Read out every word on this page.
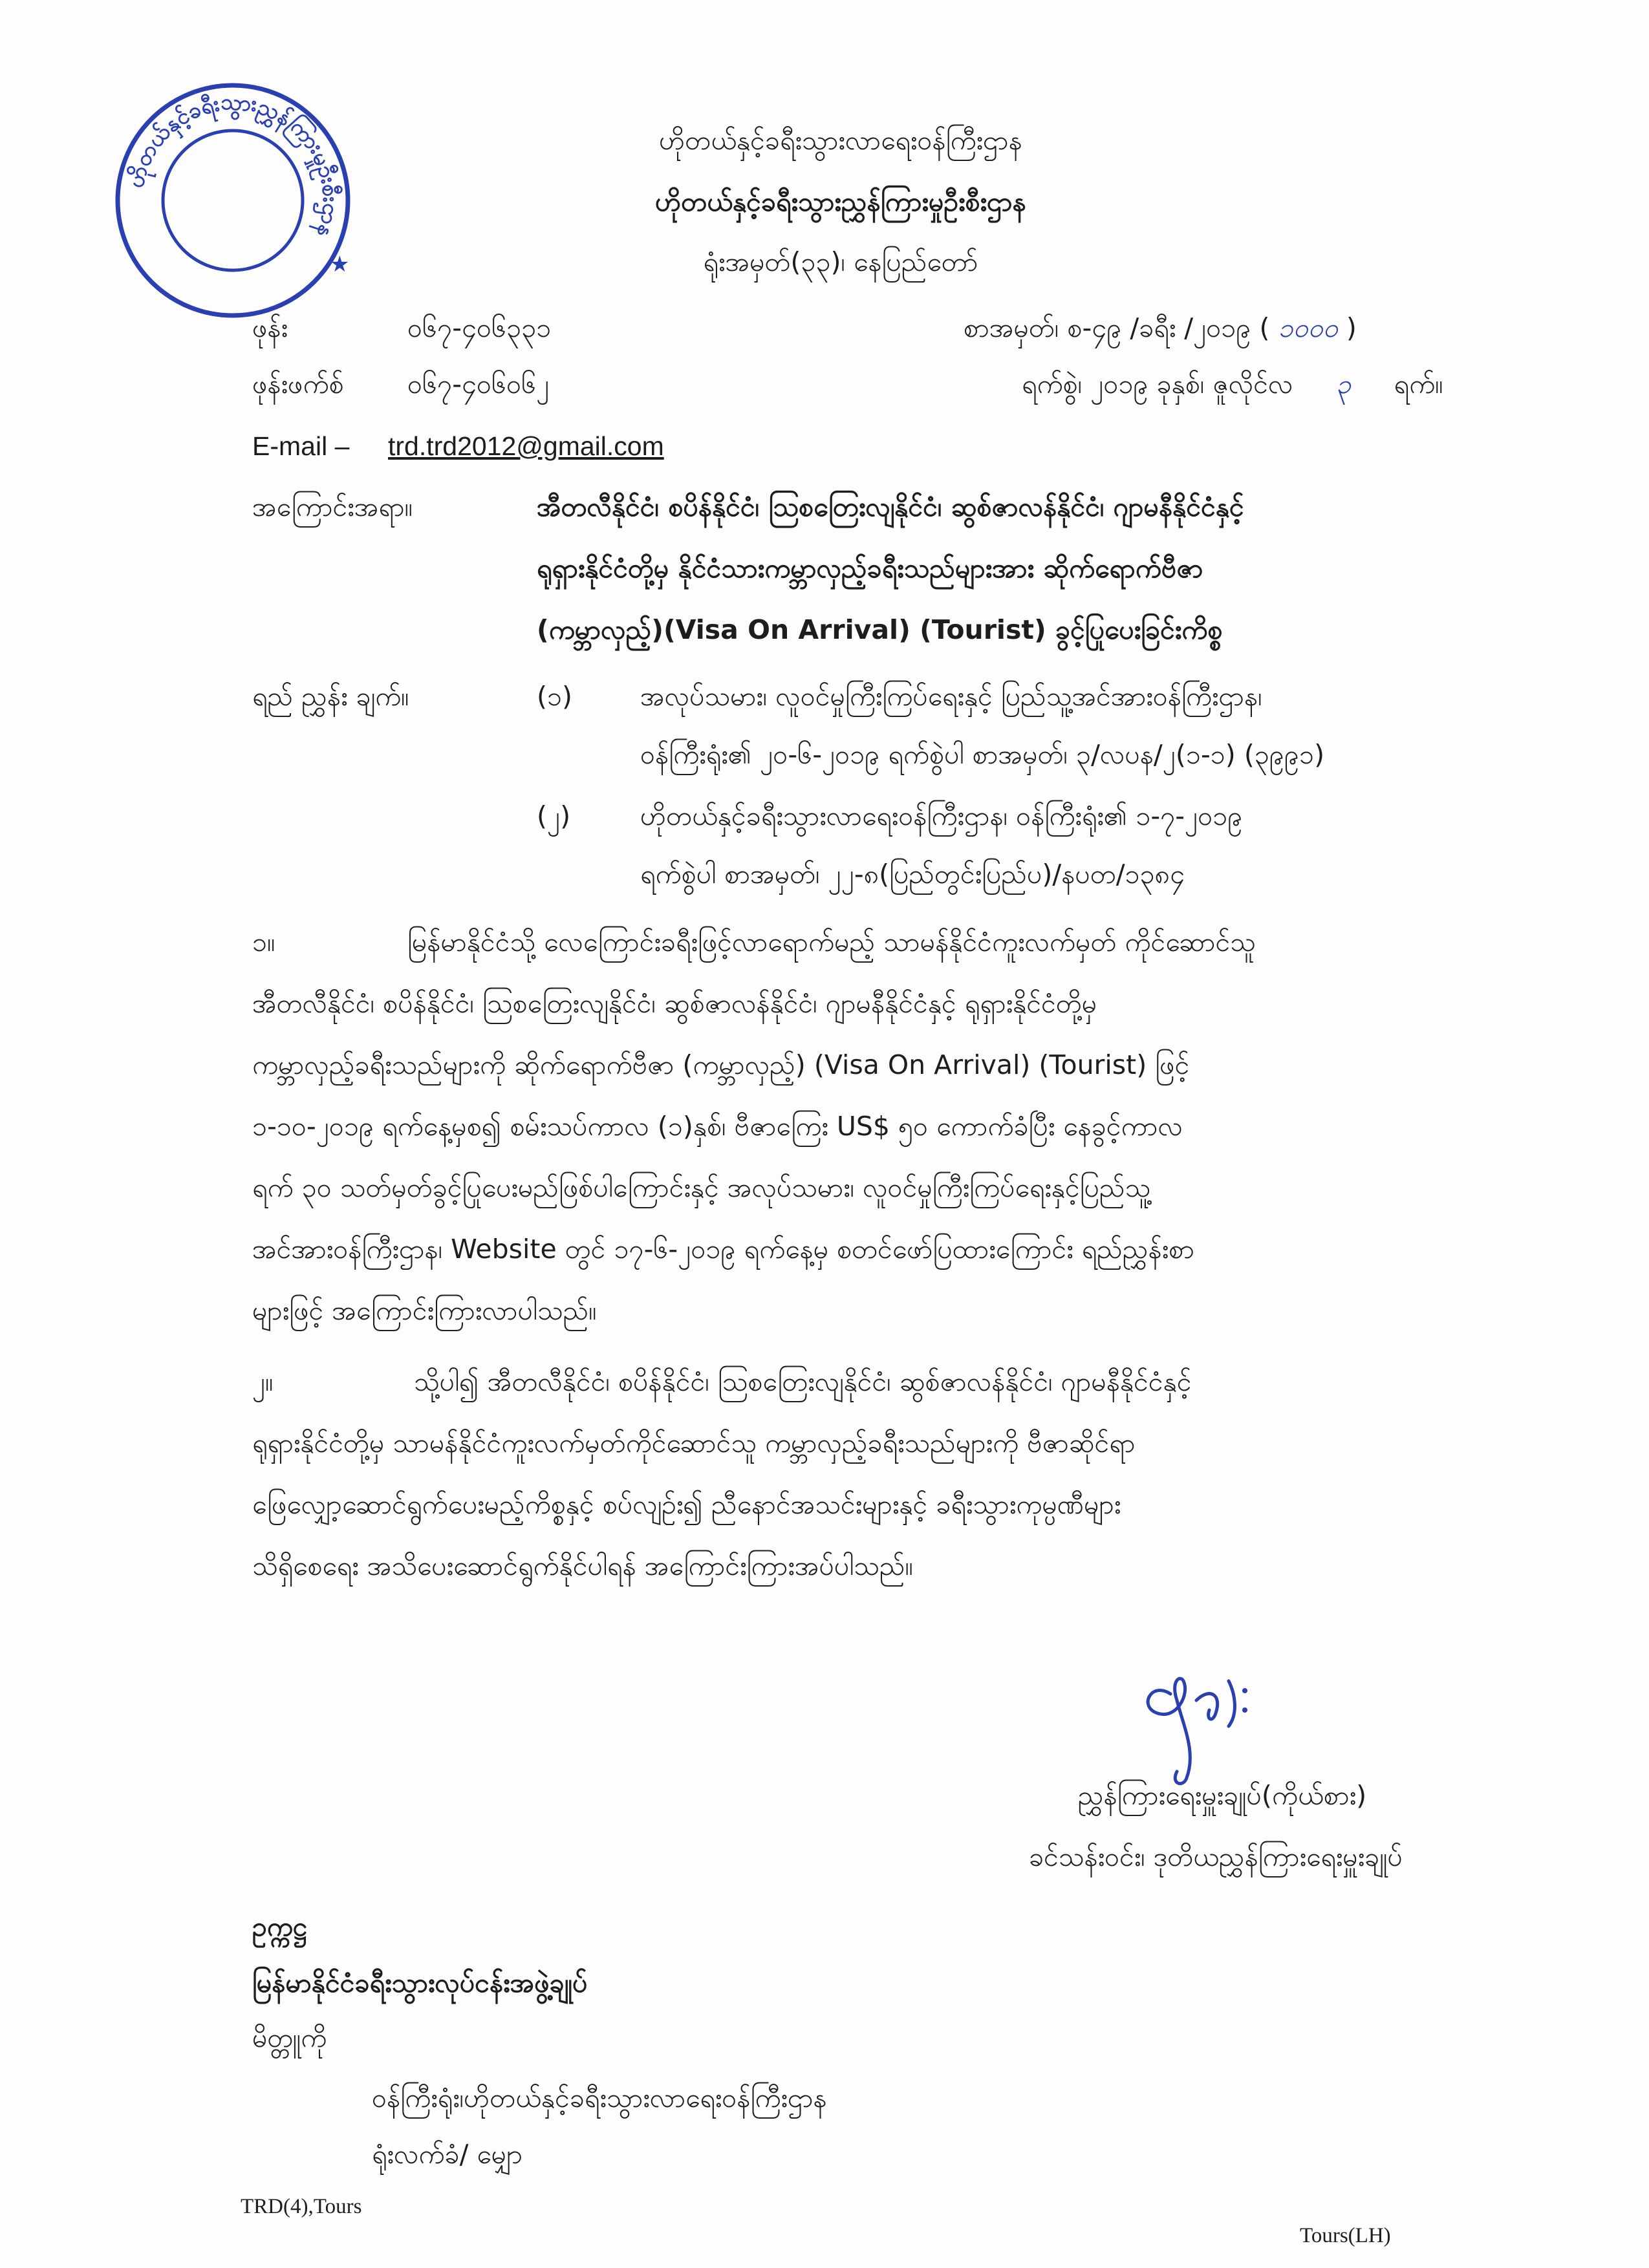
ဟိုတယ်နှင့်ခရီးသွားညွှန်ကြားမှုဦးစီးဌာန
★
ဟိုတယ်နှင့်ခရီးသွားလာရေးဝန်ကြီးဌာန
ဟိုတယ်နှင့်ခရီးသွားညွှန်ကြားမှုဦးစီးဌာန
ရုံးအမှတ်(၃၃)၊ နေပြည်တော်
ဖုန်း	၀၆၇-၄၀၆၃၃၁
ဖုန်းဖက်စ် ၀၆၇-၄၀၆၀၆၂
E-mail – trd.trd2012@gmail.com
စာအမှတ်၊ စ-၄၉ /ခရီး /၂၀၁၉ ( ၁၀၀၀ )
ရက်စွဲ၊ ၂၀၁၉ ခုနှစ်၊ ဇူလိုင်လ ၃ ရက်။
အကြောင်းအရာ။	အီတလီနိုင်ငံ၊ စပိန်နိုင်ငံ၊ သြစတြေးလျနိုင်ငံ၊ ဆွစ်ဇာလန်နိုင်ငံ၊ ဂျာမနီနိုင်ငံနှင့်
ရုရှားနိုင်ငံတို့မှ နိုင်ငံသားကမ္ဘာလှည့်ခရီးသည်များအား ဆိုက်ရောက်ဗီဇာ
(ကမ္ဘာလှည့်)(Visa On Arrival) (Tourist) ခွင့်ပြုပေးခြင်းကိစ္စ
ရည် ညွှန်း ချက်။	(၁)	အလုပ်သမား၊ လူဝင်မှုကြီးကြပ်ရေးနှင့် ပြည်သူ့အင်အားဝန်ကြီးဌာန၊
ဝန်ကြီးရုံး၏ ၂၀-၆-၂၀၁၉ ရက်စွဲပါ စာအမှတ်၊ ၃/လပန/၂(၁-၁) (၃၉၉၁)
(၂)	ဟိုတယ်နှင့်ခရီးသွားလာရေးဝန်ကြီးဌာန၊ ဝန်ကြီးရုံး၏ ၁-၇-၂၀၁၉
ရက်စွဲပါ စာအမှတ်၊ ၂၂-၈(ပြည်တွင်းပြည်ပ)/နပတ/၁၃၈၄
၁။	မြန်မာနိုင်ငံသို့ လေကြောင်းခရီးဖြင့်လာရောက်မည့် သာမန်နိုင်ငံကူးလက်မှတ် ကိုင်ဆောင်သူ
အီတလီနိုင်ငံ၊ စပိန်နိုင်ငံ၊ သြစတြေးလျနိုင်ငံ၊ ဆွစ်ဇာလန်နိုင်ငံ၊ ဂျာမနီနိုင်ငံနှင့် ရုရှားနိုင်ငံတို့မှ
ကမ္ဘာလှည့်ခရီးသည်များကို ဆိုက်ရောက်ဗီဇာ (ကမ္ဘာလှည့်) (Visa On Arrival) (Tourist) ဖြင့်
၁-၁၀-၂၀၁၉ ရက်နေ့မှစ၍ စမ်းသပ်ကာလ (၁)နှစ်၊ ဗီဇာကြေး US$ ၅၀ ကောက်ခံပြီး နေခွင့်ကာလ
ရက် ၃၀ သတ်မှတ်ခွင့်ပြုပေးမည်ဖြစ်ပါကြောင်းနှင့် အလုပ်သမား၊ လူဝင်မှုကြီးကြပ်ရေးနှင့်ပြည်သူ့
အင်အားဝန်ကြီးဌာန၊ Website တွင် ၁၇-၆-၂၀၁၉ ရက်နေ့မှ စတင်ဖော်ပြထားကြောင်း ရည်ညွှန်းစာ
များဖြင့် အကြောင်းကြားလာပါသည်။
၂။	သို့ပါ၍ အီတလီနိုင်ငံ၊ စပိန်နိုင်ငံ၊ သြစတြေးလျနိုင်ငံ၊ ဆွစ်ဇာလန်နိုင်ငံ၊ ဂျာမနီနိုင်ငံနှင့်
ရုရှားနိုင်ငံတို့မှ သာမန်နိုင်ငံကူးလက်မှတ်ကိုင်ဆောင်သူ ကမ္ဘာလှည့်ခရီးသည်များကို ဗီဇာဆိုင်ရာ
ဖြေလျှော့ဆောင်ရွက်ပေးမည့်ကိစ္စနှင့် စပ်လျဉ်း၍ ညီနောင်အသင်းများနှင့် ခရီးသွားကုမ္ပဏီများ
သိရှိစေရေး အသိပေးဆောင်ရွက်နိုင်ပါရန် အကြောင်းကြားအပ်ပါသည်။
ညွှန်ကြားရေးမှူးချုပ်(ကိုယ်စား)
ခင်သန်းဝင်း၊ ဒုတိယညွှန်ကြားရေးမှူးချုပ်
ဥက္ကဋ္ဌ
မြန်မာနိုင်ငံခရီးသွားလုပ်ငန်းအဖွဲ့ချုပ်
မိတ္တူကို
ဝန်ကြီးရုံး၊ဟိုတယ်နှင့်ခရီးသွားလာရေးဝန်ကြီးဌာန
ရုံးလက်ခံ/ မျှော
TRD(4),Tours
Tours(LH)
